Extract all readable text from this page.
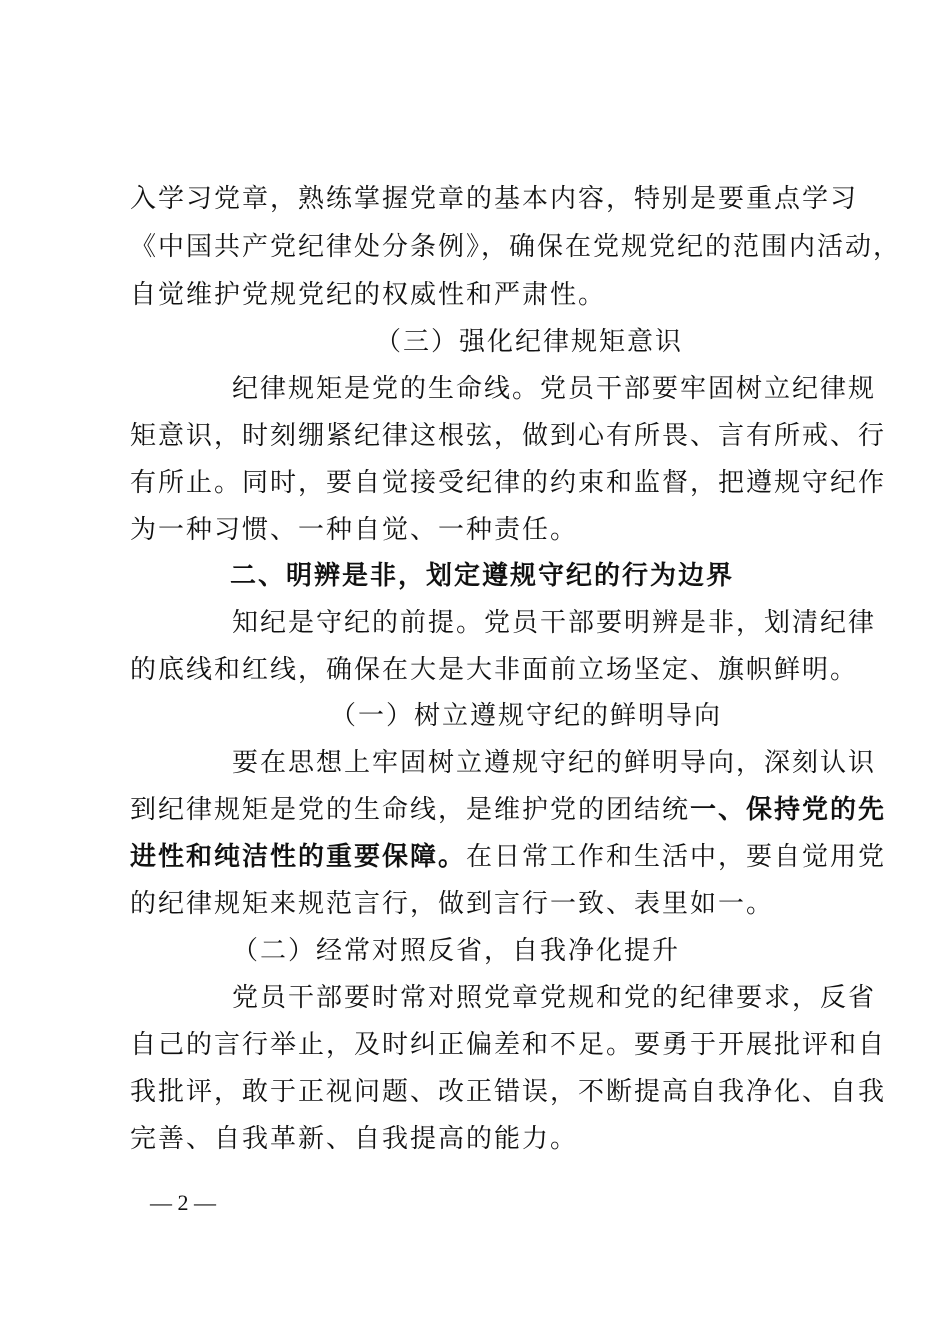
入学习党章，熟练掌握党章的基本内容，特别是要重点学习
《中国共产党纪律处分条例》，确保在党规党纪的范围内活动，
自觉维护党规党纪的权威性和严肃性。
（三）强化纪律规矩意识
纪律规矩是党的生命线。党员干部要牢固树立纪律规
矩意识，时刻绷紧纪律这根弦，做到心有所畏、言有所戒、行
有所止。同时，要自觉接受纪律的约束和监督，把遵规守纪作
为一种习惯、一种自觉、一种责任。
二、明辨是非，划定遵规守纪的行为边界
知纪是守纪的前提。党员干部要明辨是非，划清纪律
的底线和红线，确保在大是大非面前立场坚定、旗帜鲜明。
（一）树立遵规守纪的鲜明导向
要在思想上牢固树立遵规守纪的鲜明导向，深刻认识
到纪律规矩是党的生命线，是维护党的团结统一、保持党的先
进性和纯洁性的重要保障。在日常工作和生活中，要自觉用党
的纪律规矩来规范言行，做到言行一致、表里如一。
（二）经常对照反省，自我净化提升
党员干部要时常对照党章党规和党的纪律要求，反省
自己的言行举止，及时纠正偏差和不足。要勇于开展批评和自
我批评，敢于正视问题、改正错误，不断提高自我净化、自我
完善、自我革新、自我提高的能力。
— 2 —
